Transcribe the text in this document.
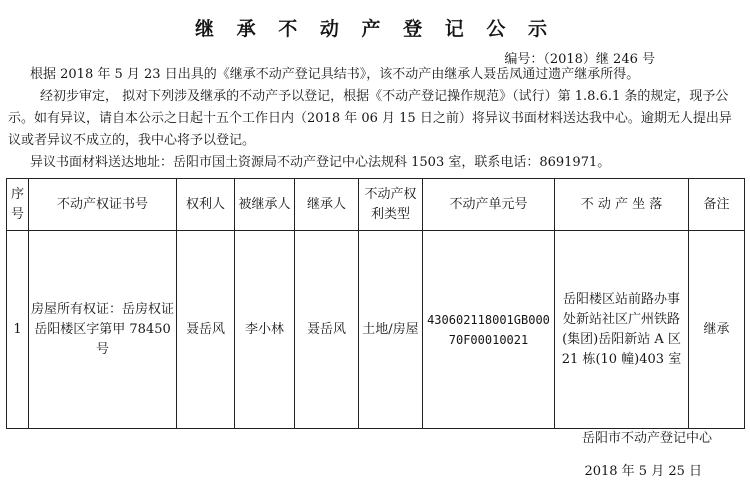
继 承 不 动 产 登 记 公 示
编号：（2018）继 246 号
根据 2018 年 5 月 23 日出具的《继承不动产登记具结书》，该不动产由继承人聂岳凤通过遗产继承所得。
经初步审定， 拟对下列涉及继承的不动产予以登记，根据《不动产登记操作规范》（试行）第 1.8.6.1 条的规定，现予公示。如有异议，请自本公示之日起十五个工作日内（2018 年 06 月 15 日之前）将异议书面材料送达我中心。逾期无人提出异议或者异议不成立的，我中心将予以登记。
异议书面材料送达地址：岳阳市国土资源局不动产登记中心法规科 1503 室，联系电话：8691971。
序号	不动产权证书号	权利人	被继承人	继承人	不动产权利类型	不动产单元号	不 动 产 坐 落	备注
1	房屋所有权证：岳房权证岳阳楼区字第甲 78450 号	聂岳风	李小林	聂岳风	土地/房屋	430602118001GB00070F00010021	岳阳楼区站前路办事处新站社区广州铁路(集团)岳阳新站 A 区 21 栋(10 幢)403 室	继承
岳阳市不动产登记中心
2018 年 5 月 25 日
